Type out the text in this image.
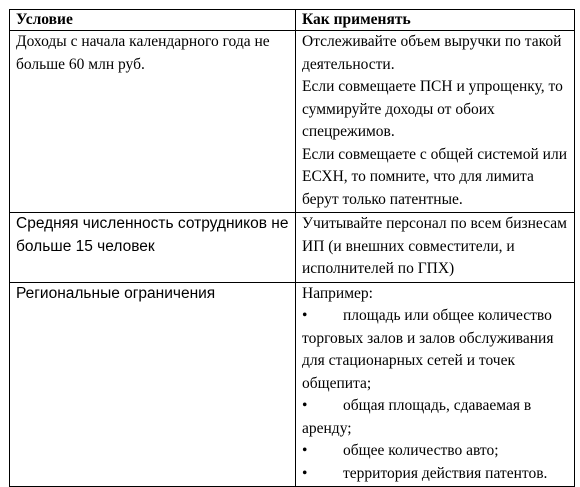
Условие	Как применять
Доходы с начала календарного года не больше 60 млн руб.	Отслеживайте объем выручки по такой деятельности.
Если совмещаете ПСН и упрощенку, то суммируйте доходы от обоих спецрежимов.
Если совмещаете с общей системой или ЕСХН, то помните, что для лимита берут только патентные.

Средняя численность сотрудников не больше 15 человек	Учитывайте персонал по всем бизнесам ИП (и внешних совместители, и исполнителей по ГПХ)
Региональные ограничения	Например:
• площадь или общее количество торговых залов и залов обслуживания для стационарных сетей и точек общепита;
• общая площадь, сдаваемая в аренду;
• общее количество авто;
• территория действия патентов.
